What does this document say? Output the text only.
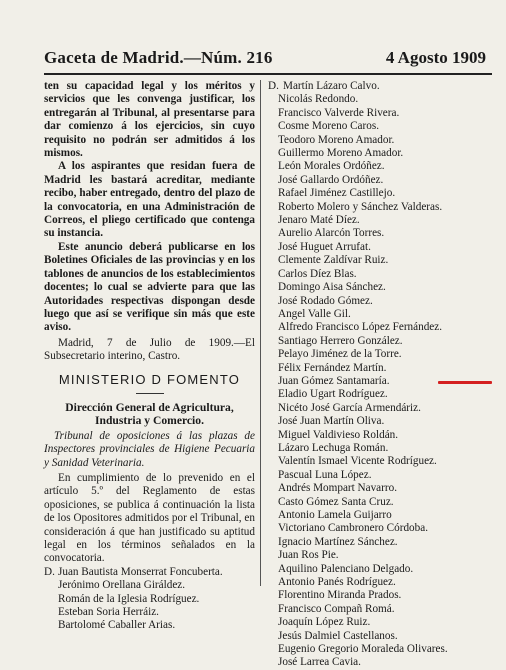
Gaceta de Madrid.—Núm. 216	4 Agosto 1909

ten su capacidad legal y los méritos y servicios que les convenga justificar, los entregarán al Tribunal, al presentarse para dar comienzo á los ejercicios, sin cuyo requisito no podrán ser admitidos á los mismos.

A los aspirantes que residan fuera de Madrid les bastará acreditar, mediante recibo, haber entregado, dentro del plazo de la convocatoria, en una Administración de Correos, el pliego certificado que contenga su instancia.

Este anuncio deberá publicarse en los Boletines Oficiales de las provincias y en los tablones de anuncios de los establecimientos docentes; lo cual se advierte para que las Autoridades respectivas dispongan desde luego que así se verifique sin más que este aviso.

Madrid, 7 de Julio de 1909.—El Subsecretario interino, Castro.

MINISTERIO D FOMENTO

Dirección General de Agricultura, Industria y Comercio.

Tribunal de oposiciones á las plazas de Inspectores provinciales de Higiene Pecuaria y Sanidad Veterinaria.

En cumplimiento de lo prevenido en el artículo 5.º del Reglamento de estas oposiciones, se publica á continuación la lista de los Opositores admitidos por el Tribunal, en consideración á que han justificado su aptitud legal en los términos señalados en la convocatoria.

D. Juan Bautista Monserrat Foncuberta.
Jerónimo Orellana Giráldez.
Román de la Iglesia Rodríguez.
Esteban Soria Herráiz.
Bartolomé Caballer Arias.
D. Martín Lázaro Calvo.
Nicolás Redondo.
Francisco Valverde Rivera.
Cosme Moreno Caros.
Teodoro Moreno Amador.
Guillermo Moreno Amador.
León Morales Ordóñez.
José Gallardo Ordóñez.
Rafael Jiménez Castillejo.
Roberto Molero y Sánchez Valderas.
Jenaro Maté Díez.
Aurelio Alarcón Torres.
José Huguet Arrufat.
Clemente Zaldívar Ruiz.
Carlos Díez Blas.
Domingo Aisa Sánchez.
José Rodado Gómez.
Angel Valle Gil.
Alfredo Francisco López Fernández.
Santiago Herrero González.
Pelayo Jiménez de la Torre.
Félix Fernández Martín.
Juan Gómez Santamaría.
Eladio Ugart Rodríguez.
Nicéto José García Armendáriz.
José Juan Martín Oliva.
Miguel Valdivieso Roldán.
Lázaro Lechuga Román.
Valentín Ismael Vicente Rodríguez.
Pascual Luna López.
Andrés Mompart Navarro.
Casto Gómez Santa Cruz.
Antonio Lamela Guijarro
Victoriano Cambronero Córdoba.
Ignacio Martínez Sánchez.
Juan Ros Pie.
Aquilino Palenciano Delgado.
Antonio Panés Rodríguez.
Florentino Miranda Prados.
Francisco Compañ Romá.
Joaquín López Ruiz.
Jesús Dalmiel Castellanos.
Eugenio Gregorio Moraleda Olivares.
José Larrea Cavia.
